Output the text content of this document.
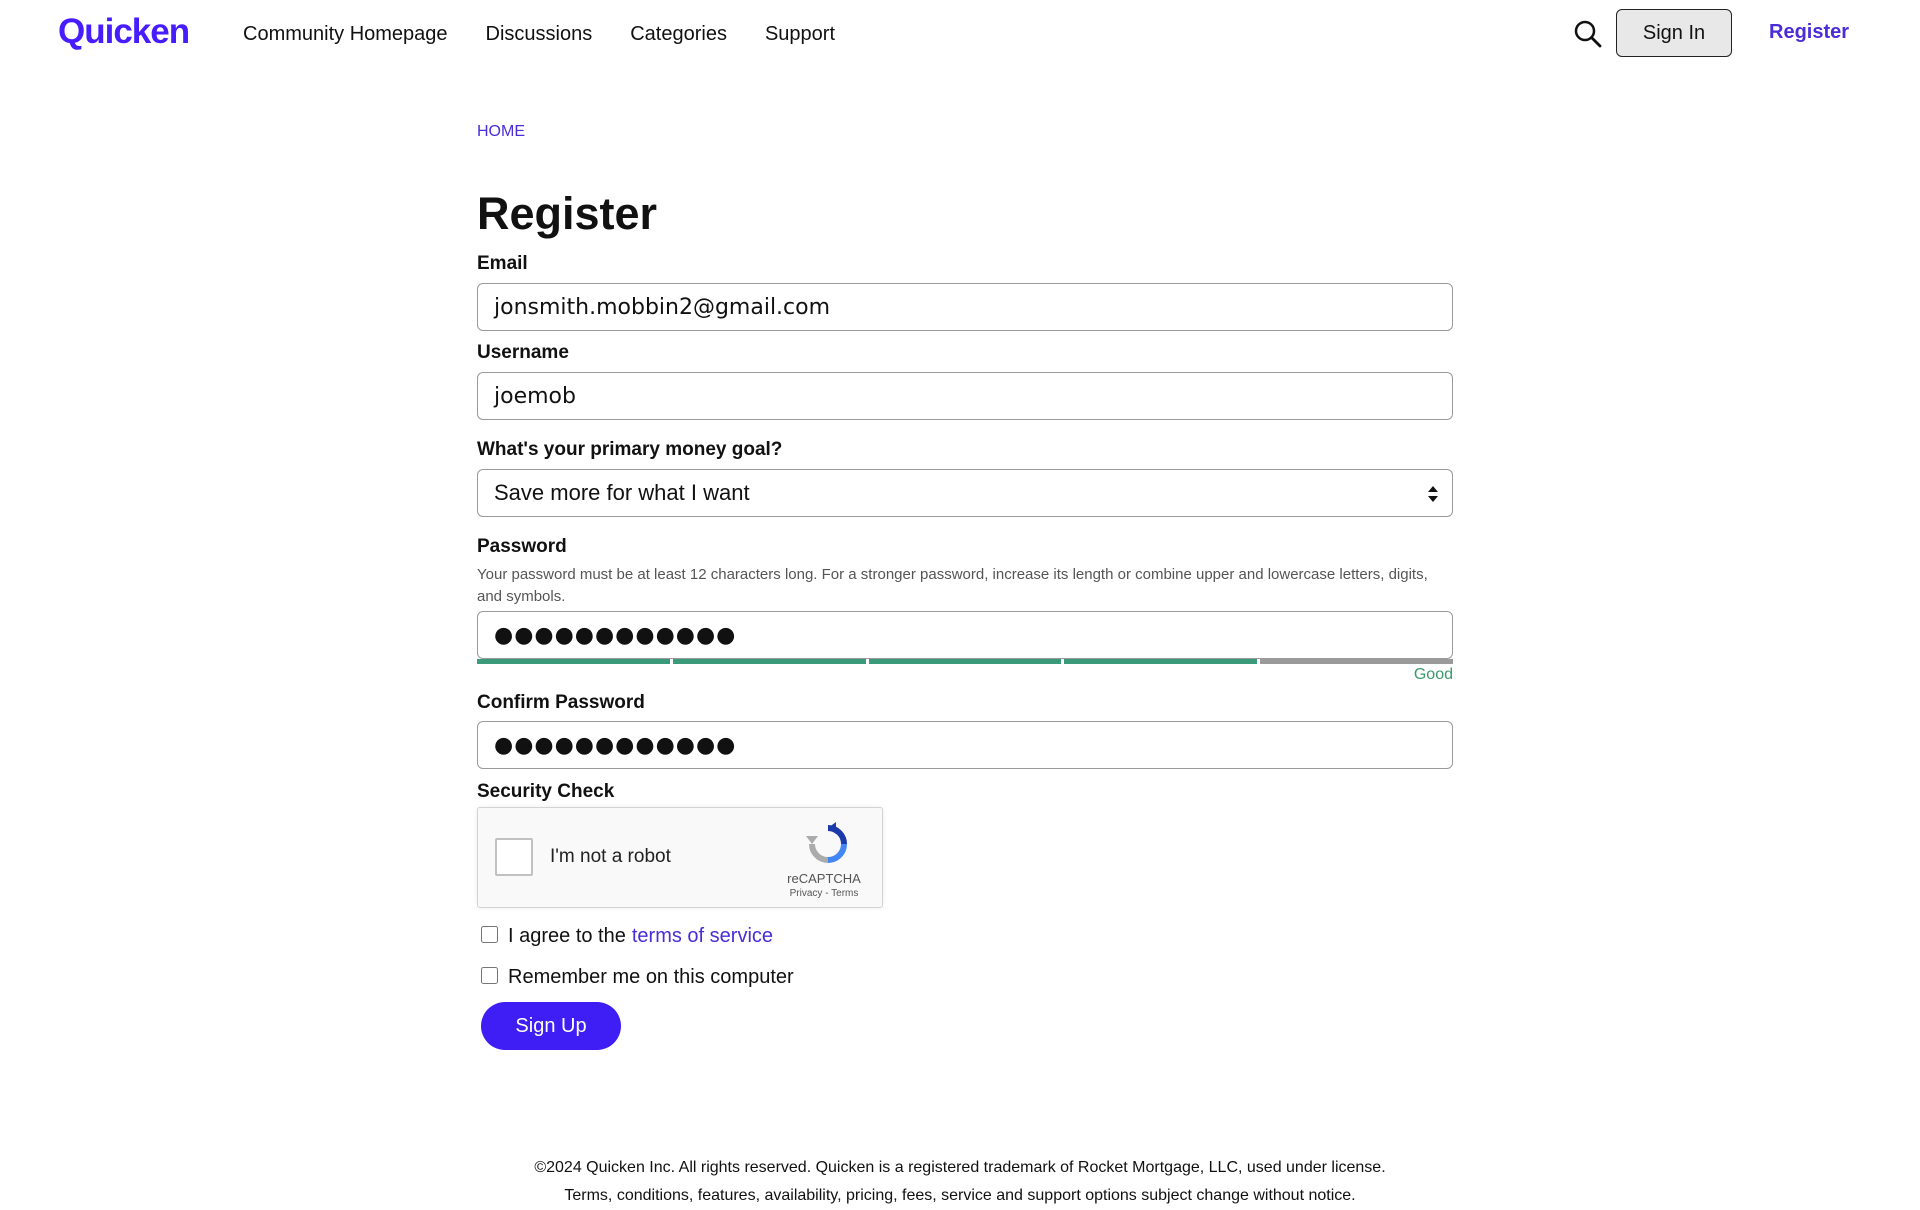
Quicken	Community Homepage Discussions Categories Support	Sign In	Register
HOME
Register
Email
jonsmith.mobbin2@gmail.com
Username
joemob
What's your primary money goal?
Save more for what I want
Password
Your password must be at least 12 characters long. For a stronger password, increase its length or combine upper and lowercase letters, digits, and symbols.
●●●●●●●●●●●●
Good
Confirm Password
●●●●●●●●●●●●
Security Check
I'm not a robot
reCAPTCHA
Privacy - Terms
I agree to the terms of service
Remember me on this computer
Sign Up
©2024 Quicken Inc. All rights reserved. Quicken is a registered trademark of Rocket Mortgage, LLC, used under license.
Terms, conditions, features, availability, pricing, fees, service and support options subject change without notice.
